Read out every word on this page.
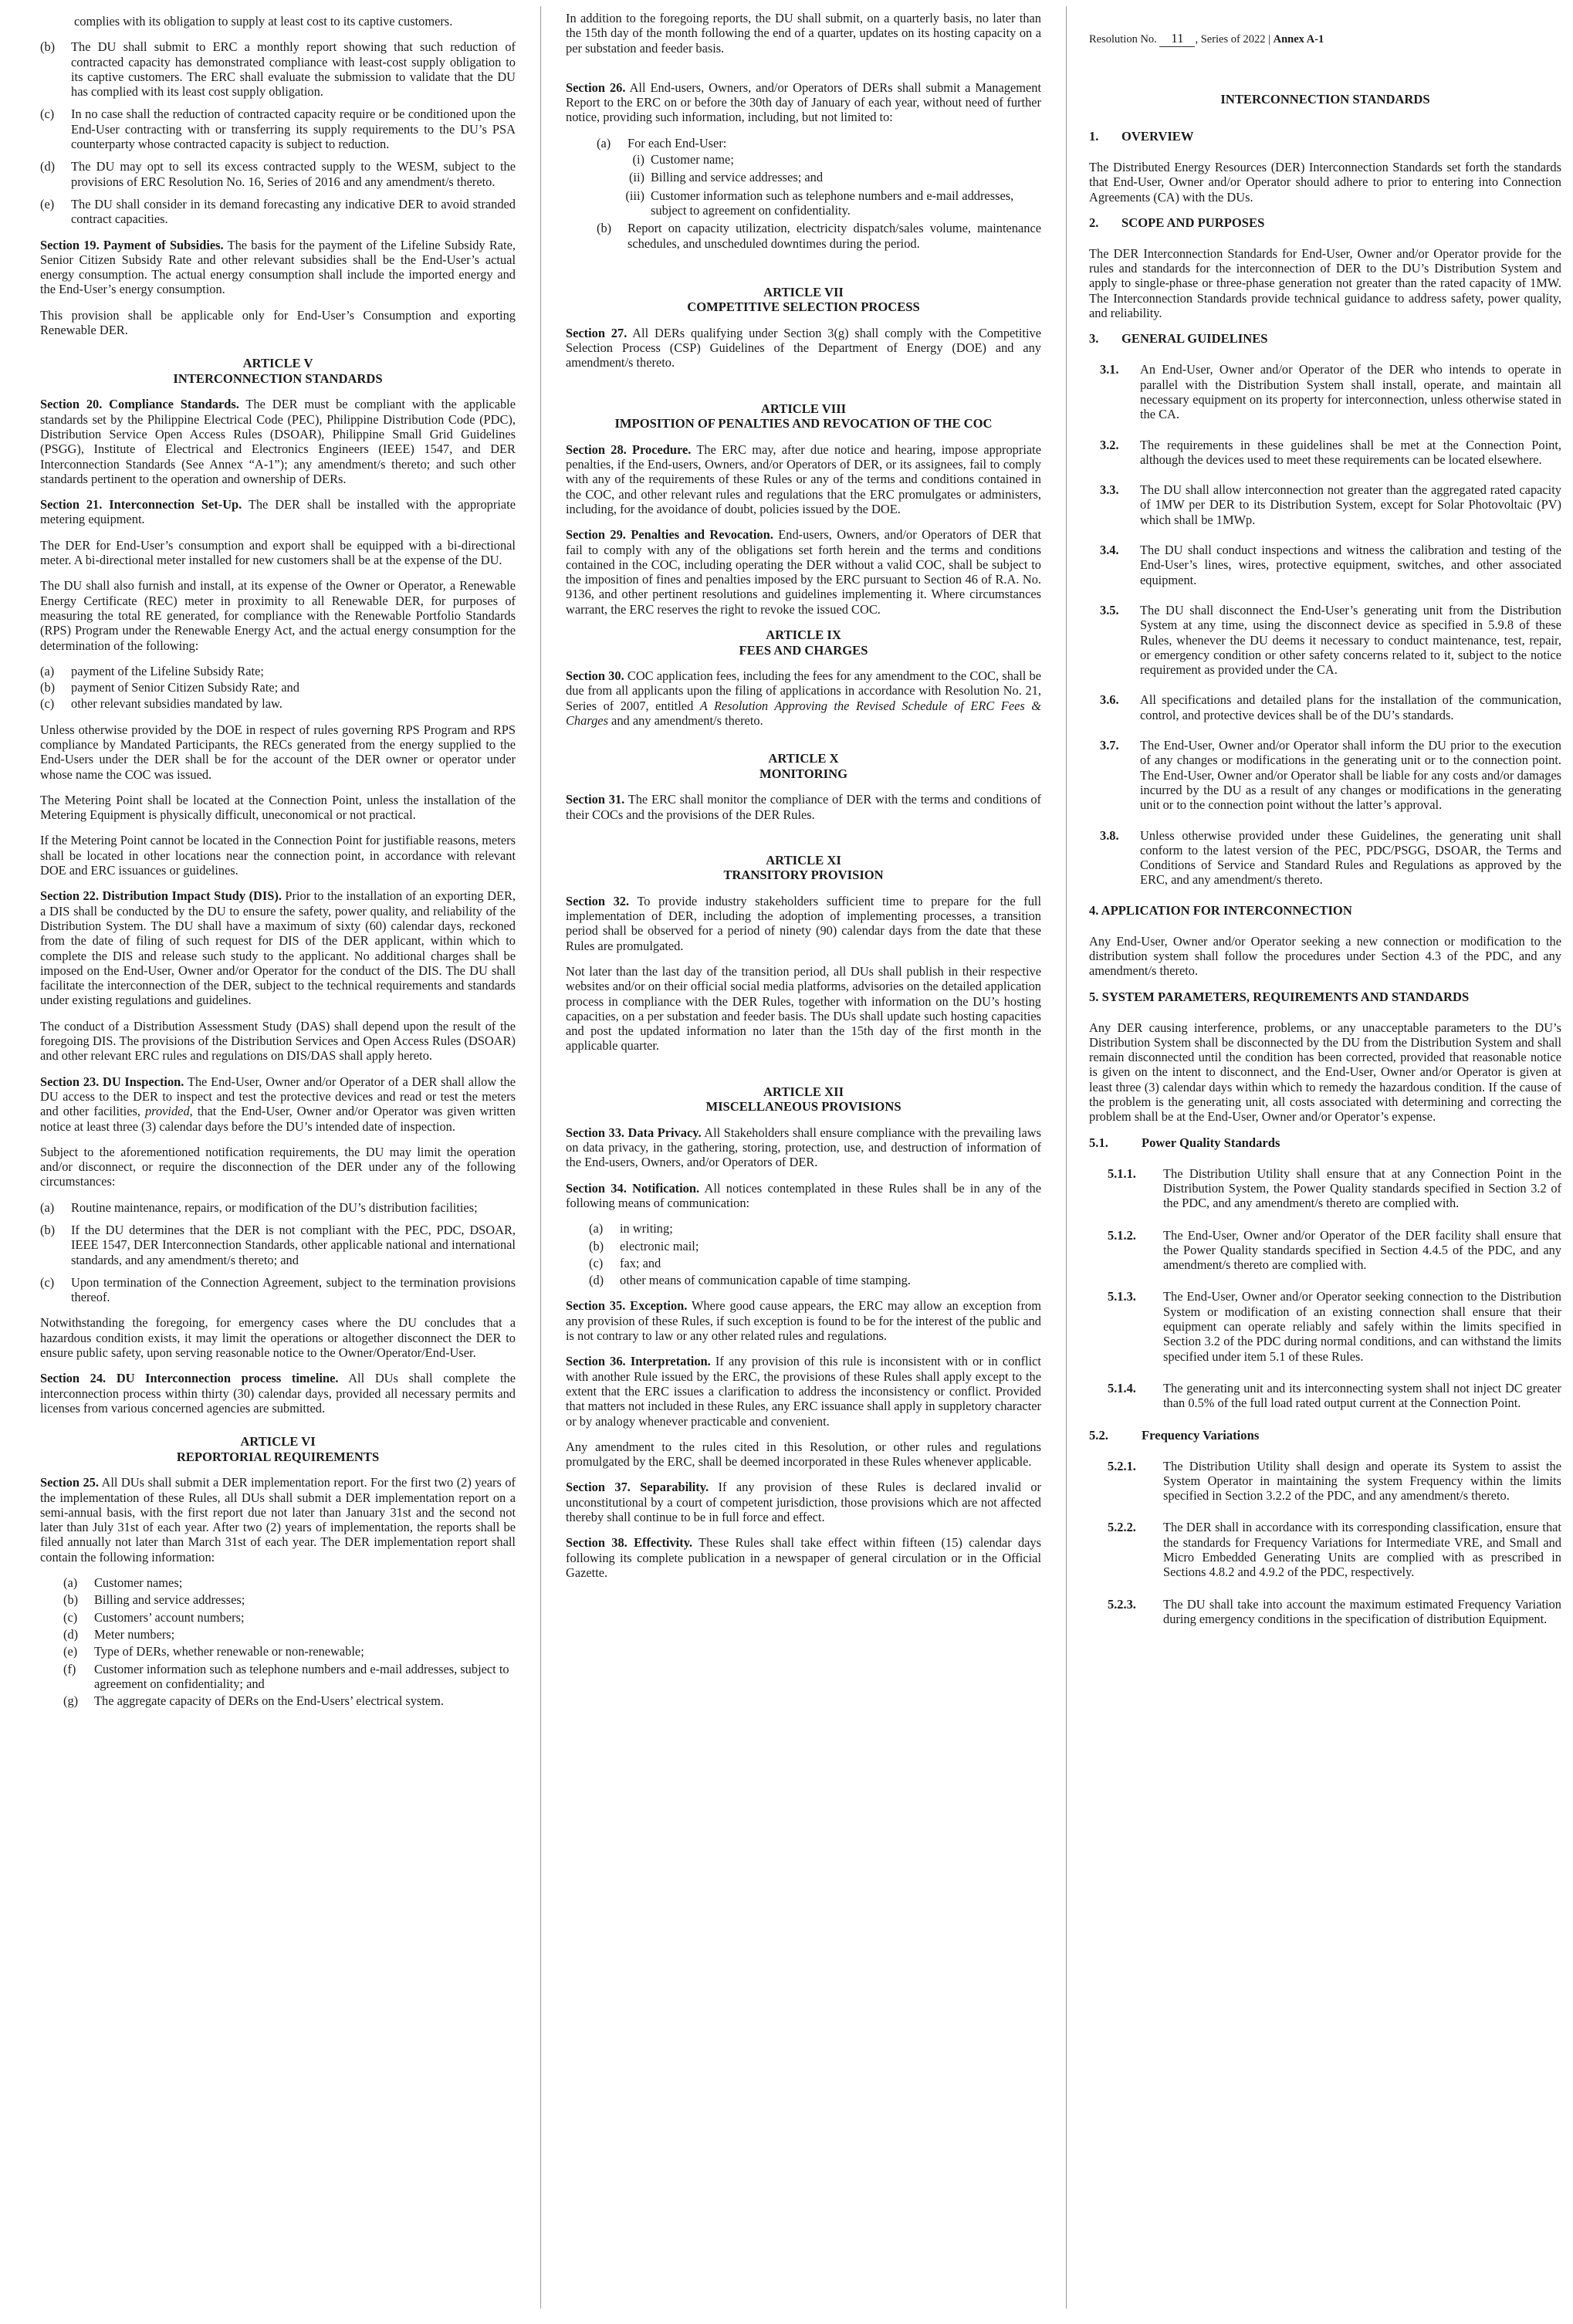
complies with its obligation to supply at least cost to its captive customers.

(b)	The DU shall submit to ERC a monthly report showing that such reduction of contracted capacity has demonstrated compliance with least-cost supply obligation to its captive customers. The ERC shall evaluate the submission to validate that the DU has complied with its least cost supply obligation.
(c)	In no case shall the reduction of contracted capacity require or be conditioned upon the End-User contracting with or transferring its supply requirements to the DU’s PSA counterparty whose contracted capacity is subject to reduction.
(d)	The DU may opt to sell its excess contracted supply to the WESM, subject to the provisions of ERC Resolution No. 16, Series of 2016 and any amendment/s thereto.
(e)	The DU shall consider in its demand forecasting any indicative DER to avoid stranded contract capacities.

Section 19. Payment of Subsidies. The basis for the payment of the Lifeline Subsidy Rate, Senior Citizen Subsidy Rate and other relevant subsidies shall be the End-User’s actual energy consumption. The actual energy consumption shall include the imported energy and the End-User’s energy consumption.

This provision shall be applicable only for End-User’s Consumption and exporting Renewable DER.

ARTICLE V
INTERCONNECTION STANDARDS

Section 20. Compliance Standards. The DER must be compliant with the applicable standards set by the Philippine Electrical Code (PEC), Philippine Distribution Code (PDC), Distribution Service Open Access Rules (DSOAR), Philippine Small Grid Guidelines (PSGG), Institute of Electrical and Electronics Engineers (IEEE) 1547, and DER Interconnection Standards (See Annex “A-1”); any amendment/s thereto; and such other standards pertinent to the operation and ownership of DERs.

Section 21. Interconnection Set-Up. The DER shall be installed with the appropriate metering equipment.

The DER for End-User’s consumption and export shall be equipped with a bi-directional meter. A bi-directional meter installed for new customers shall be at the expense of the DU.

The DU shall also furnish and install, at its expense of the Owner or Operator, a Renewable Energy Certificate (REC) meter in proximity to all Renewable DER, for purposes of measuring the total RE generated, for compliance with the Renewable Portfolio Standards (RPS) Program under the Renewable Energy Act, and the actual energy consumption for the determination of the following:

(a)	payment of the Lifeline Subsidy Rate;
(b)	payment of Senior Citizen Subsidy Rate; and
(c)	other relevant subsidies mandated by law.

Unless otherwise provided by the DOE in respect of rules governing RPS Program and RPS compliance by Mandated Participants, the RECs generated from the energy supplied to the End-Users under the DER shall be for the account of the DER owner or operator under whose name the COC was issued.

The Metering Point shall be located at the Connection Point, unless the installation of the Metering Equipment is physically difficult, uneconomical or not practical.

If the Metering Point cannot be located in the Connection Point for justifiable reasons, meters shall be located in other locations near the connection point, in accordance with relevant DOE and ERC issuances or guidelines.

Section 22. Distribution Impact Study (DIS). Prior to the installation of an exporting DER, a DIS shall be conducted by the DU to ensure the safety, power quality, and reliability of the Distribution System. The DU shall have a maximum of sixty (60) calendar days, reckoned from the date of filing of such request for DIS of the DER applicant, within which to complete the DIS and release such study to the applicant. No additional charges shall be imposed on the End-User, Owner and/or Operator for the conduct of the DIS. The DU shall facilitate the interconnection of the DER, subject to the technical requirements and standards under existing regulations and guidelines.

The conduct of a Distribution Assessment Study (DAS) shall depend upon the result of the foregoing DIS. The provisions of the Distribution Services and Open Access Rules (DSOAR) and other relevant ERC rules and regulations on DIS/DAS shall apply hereto.

Section 23. DU Inspection. The End-User, Owner and/or Operator of a DER shall allow the DU access to the DER to inspect and test the protective devices and read or test the meters and other facilities, provided, that the End-User, Owner and/or Operator was given written notice at least three (3) calendar days before the DU’s intended date of inspection.

Subject to the aforementioned notification requirements, the DU may limit the operation and/or disconnect, or require the disconnection of the DER under any of the following circumstances:

(a)	Routine maintenance, repairs, or modification of the DU’s distribution facilities;
(b)	If the DU determines that the DER is not compliant with the PEC, PDC, DSOAR, IEEE 1547, DER Interconnection Standards, other applicable national and international standards, and any amendment/s thereto; and
(c)	Upon termination of the Connection Agreement, subject to the termination provisions thereof.

Notwithstanding the foregoing, for emergency cases where the DU concludes that a hazardous condition exists, it may limit the operations or altogether disconnect the DER to ensure public safety, upon serving reasonable notice to the Owner/Operator/End-User.

Section 24. DU Interconnection process timeline. All DUs shall complete the interconnection process within thirty (30) calendar days, provided all necessary permits and licenses from various concerned agencies are submitted.

ARTICLE VI
REPORTORIAL REQUIREMENTS

Section 25. All DUs shall submit a DER implementation report. For the first two (2) years of the implementation of these Rules, all DUs shall submit a DER implementation report on a semi-annual basis, with the first report due not later than January 31st and the second not later than July 31st of each year. After two (2) years of implementation, the reports shall be filed annually not later than March 31st of each year. The DER implementation report shall contain the following information:

(a)	Customer names;
(b)	Billing and service addresses;
(c)	Customers’ account numbers;
(d)	Meter numbers;
(e)	Type of DERs, whether renewable or non-renewable;
(f)	Customer information such as telephone numbers and e-mail addresses, subject to agreement on confidentiality; and
(g)	The aggregate capacity of DERs on the End-Users’ electrical system.

In addition to the foregoing reports, the DU shall submit, on a quarterly basis, no later than the 15th day of the month following the end of a quarter, updates on its hosting capacity on a per substation and feeder basis.

Section 26. All End-users, Owners, and/or Operators of DERs shall submit a Management Report to the ERC on or before the 30th day of January of each year, without need of further notice, providing such information, including, but not limited to:

(a)	For each End-User:
(i) Customer name;
(ii) Billing and service addresses; and
(iii) Customer information such as telephone numbers and e-mail addresses, subject to agreement on confidentiality.
(b)	Report on capacity utilization, electricity dispatch/sales volume, maintenance schedules, and unscheduled downtimes during the period.
ARTICLE VII
COMPETITIVE SELECTION PROCESS

Section 27. All DERs qualifying under Section 3(g) shall comply with the Competitive Selection Process (CSP) Guidelines of the Department of Energy (DOE) and any amendment/s thereto.

ARTICLE VIII
IMPOSITION OF PENALTIES AND REVOCATION OF THE COC

Section 28. Procedure. The ERC may, after due notice and hearing, impose appropriate penalties, if the End-users, Owners, and/or Operators of DER, or its assignees, fail to comply with any of the requirements of these Rules or any of the terms and conditions contained in the COC, and other relevant rules and regulations that the ERC promulgates or administers, including, for the avoidance of doubt, policies issued by the DOE.

Section 29. Penalties and Revocation. End-users, Owners, and/or Operators of DER that fail to comply with any of the obligations set forth herein and the terms and conditions contained in the COC, including operating the DER without a valid COC, shall be subject to the imposition of fines and penalties imposed by the ERC pursuant to Section 46 of R.A. No. 9136, and other pertinent resolutions and guidelines implementing it. Where circumstances warrant, the ERC reserves the right to revoke the issued COC.

ARTICLE IX
FEES AND CHARGES

Section 30. COC application fees, including the fees for any amendment to the COC, shall be due from all applicants upon the filing of applications in accordance with Resolution No. 21, Series of 2007, entitled A Resolution Approving the Revised Schedule of ERC Fees & Charges and any amendment/s thereto.

ARTICLE X
MONITORING

Section 31. The ERC shall monitor the compliance of DER with the terms and conditions of their COCs and the provisions of the DER Rules.

ARTICLE XI
TRANSITORY PROVISION

Section 32. To provide industry stakeholders sufficient time to prepare for the full implementation of DER, including the adoption of implementing processes, a transition period shall be observed for a period of ninety (90) calendar days from the date that these Rules are promulgated.

Not later than the last day of the transition period, all DUs shall publish in their respective websites and/or on their official social media platforms, advisories on the detailed application process in compliance with the DER Rules, together with information on the DU’s hosting capacities, on a per substation and feeder basis. The DUs shall update such hosting capacities and post the updated information no later than the 15th day of the first month in the applicable quarter.

ARTICLE XII
MISCELLANEOUS PROVISIONS

Section 33. Data Privacy. All Stakeholders shall ensure compliance with the prevailing laws on data privacy, in the gathering, storing, protection, use, and destruction of information of the End-users, Owners, and/or Operators of DER.

Section 34. Notification. All notices contemplated in these Rules shall be in any of the following means of communication:

(a)	in writing;
(b)	electronic mail;
(c)	fax; and
(d)	other means of communication capable of time stamping.

Section 35. Exception. Where good cause appears, the ERC may allow an exception from any provision of these Rules, if such exception is found to be for the interest of the public and is not contrary to law or any other related rules and regulations.

Section 36. Interpretation. If any provision of this rule is inconsistent with or in conflict with another Rule issued by the ERC, the provisions of these Rules shall apply except to the extent that the ERC issues a clarification to address the inconsistency or conflict. Provided that matters not included in these Rules, any ERC issuance shall apply in suppletory character or by analogy whenever practicable and convenient.

Any amendment to the rules cited in this Resolution, or other rules and regulations promulgated by the ERC, shall be deemed incorporated in these Rules whenever applicable.

Section 37. Separability. If any provision of these Rules is declared invalid or unconstitutional by a court of competent jurisdiction, those provisions which are not affected thereby shall continue to be in full force and effect.

Section 38. Effectivity. These Rules shall take effect within fifteen (15) calendar days following its complete publication in a newspaper of general circulation or in the Official Gazette.

Resolution No. 11 , Series of 2022 | Annex A-1
INTERCONNECTION STANDARDS
1.	OVERVIEW

The Distributed Energy Resources (DER) Interconnection Standards set forth the standards that End-User, Owner and/or Operator should adhere to prior to entering into Connection Agreements (CA) with the DUs.

2.	SCOPE AND PURPOSES

The DER Interconnection Standards for End-User, Owner and/or Operator provide for the rules and standards for the interconnection of DER to the DU’s Distribution System and apply to single-phase or three-phase generation not greater than the rated capacity of 1MW. The Interconnection Standards provide technical guidance to address safety, power quality, and reliability.

3.	GENERAL GUIDELINES
3.1.	An End-User, Owner and/or Operator of the DER who intends to operate in parallel with the Distribution System shall install, operate, and maintain all necessary equipment on its property for interconnection, unless otherwise stated in the CA.
3.2.	The requirements in these guidelines shall be met at the Connection Point, although the devices used to meet these requirements can be located elsewhere.
3.3.	The DU shall allow interconnection not greater than the aggregated rated capacity of 1MW per DER to its Distribution System, except for Solar Photovoltaic (PV) which shall be 1MWp.
3.4.	The DU shall conduct inspections and witness the calibration and testing of the End-User’s lines, wires, protective equipment, switches, and other associated equipment.
3.5.	The DU shall disconnect the End-User’s generating unit from the Distribution System at any time, using the disconnect device as specified in 5.9.8 of these Rules, whenever the DU deems it necessary to conduct maintenance, test, repair, or emergency condition or other safety concerns related to it, subject to the notice requirement as provided under the CA.
3.6.	All specifications and detailed plans for the installation of the communication, control, and protective devices shall be of the DU’s standards.
3.7.	The End-User, Owner and/or Operator shall inform the DU prior to the execution of any changes or modifications in the generating unit or to the connection point. The End-User, Owner and/or Operator shall be liable for any costs and/or damages incurred by the DU as a result of any changes or modifications in the generating unit or to the connection point without the latter’s approval.
3.8.	Unless otherwise provided under these Guidelines, the generating unit shall conform to the latest version of the PEC, PDC/PSGG, DSOAR, the Terms and Conditions of Service and Standard Rules and Regulations as approved by the ERC, and any amendment/s thereto.
4. APPLICATION FOR INTERCONNECTION

Any End-User, Owner and/or Operator seeking a new connection or modification to the distribution system shall follow the procedures under Section 4.3 of the PDC, and any amendment/s thereto.

5. SYSTEM PARAMETERS, REQUIREMENTS AND STANDARDS

Any DER causing interference, problems, or any unacceptable parameters to the DU’s Distribution System shall be disconnected by the DU from the Distribution System and shall remain disconnected until the condition has been corrected, provided that reasonable notice is given on the intent to disconnect, and the End-User, Owner and/or Operator is given at least three (3) calendar days within which to remedy the hazardous condition. If the cause of the problem is the generating unit, all costs associated with determining and correcting the problem shall be at the End-User, Owner and/or Operator’s expense.

5.1.	Power Quality Standards
5.1.1.	The Distribution Utility shall ensure that at any Connection Point in the Distribution System, the Power Quality standards specified in Section 3.2 of the PDC, and any amendment/s thereto are complied with.
5.1.2.	The End-User, Owner and/or Operator of the DER facility shall ensure that the Power Quality standards specified in Section 4.4.5 of the PDC, and any amendment/s thereto are complied with.
5.1.3.	The End-User, Owner and/or Operator seeking connection to the Distribution System or modification of an existing connection shall ensure that their equipment can operate reliably and safely within the limits specified in Section 3.2 of the PDC during normal conditions, and can withstand the limits specified under item 5.1 of these Rules.
5.1.4.	The generating unit and its interconnecting system shall not inject DC greater than 0.5% of the full load rated output current at the Connection Point.
5.2.	Frequency Variations
5.2.1.	The Distribution Utility shall design and operate its System to assist the System Operator in maintaining the system Frequency within the limits specified in Section 3.2.2 of the PDC, and any amendment/s thereto.
5.2.2.	The DER shall in accordance with its corresponding classification, ensure that the standards for Frequency Variations for Intermediate VRE, and Small and Micro Embedded Generating Units are complied with as prescribed in Sections 4.8.2 and 4.9.2 of the PDC, respectively.
5.2.3.	The DU shall take into account the maximum estimated Frequency Variation during emergency conditions in the specification of distribution Equipment.
